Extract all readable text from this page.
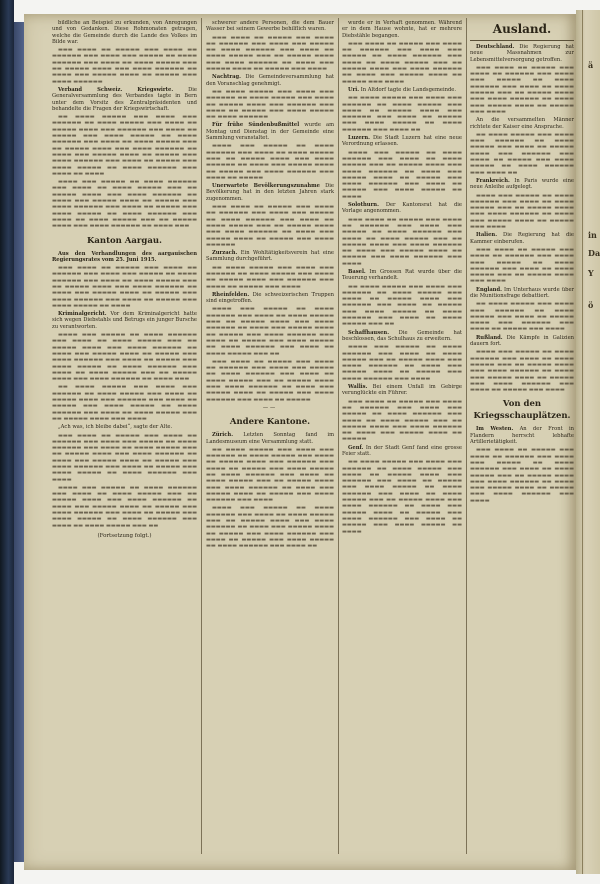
ä
in
Da
Y
ö

bildliche an Beispiel zu erkunden, von Anregungen und von Gedanken. Diese Rohmonaten getragen, welche die Gemeinde durch die Lande des Volkes im Bilde war.

▬▬▬ ▬▬▬▬ ▬▬ ▬▬▬▬▬ ▬▬▬ ▬▬▬▬ ▬▬ ▬▬▬▬▬▬ ▬▬▬ ▬▬▬▬ ▬▬▬ ▬▬▬▬▬ ▬▬ ▬▬▬▬ ▬▬▬▬▬▬ ▬▬▬ ▬▬▬▬ ▬▬ ▬▬▬▬ ▬▬▬▬▬ ▬▬▬ ▬▬ ▬▬▬▬▬ ▬▬▬▬ ▬▬▬ ▬▬▬▬ ▬▬▬▬▬▬ ▬▬ ▬▬▬▬ ▬▬▬ ▬▬▬▬▬ ▬▬▬▬ ▬▬ ▬▬▬▬▬ ▬▬▬ ▬▬▬▬ ▬▬▬▬▬▬

Verband Schweiz. Kriegswirte.	Die Generalversammlung des Verbandes tagte in Bern unter dem Vorsitz des Zentralpräsidenten und behandelte die Fragen der Kriegswirtschaft.

▬▬ ▬▬▬▬ ▬▬▬▬▬ ▬▬▬ ▬▬▬▬ ▬▬▬ ▬▬▬▬▬▬ ▬▬ ▬▬▬▬ ▬▬▬▬▬ ▬▬▬ ▬▬▬▬ ▬▬ ▬▬▬▬▬ ▬▬▬▬ ▬▬▬ ▬▬▬▬▬▬ ▬▬▬ ▬▬▬▬ ▬▬ ▬▬▬▬▬ ▬▬▬ ▬▬▬▬ ▬▬▬▬▬ ▬▬ ▬▬▬▬ ▬▬▬▬▬▬ ▬▬▬ ▬▬▬▬ ▬▬ ▬▬▬▬ ▬▬▬▬▬ ▬▬▬ ▬▬ ▬▬▬▬▬ ▬▬▬▬ ▬▬▬ ▬▬▬▬ ▬▬▬▬▬▬ ▬▬ ▬▬▬▬ ▬▬▬ ▬▬▬▬▬ ▬▬▬▬ ▬▬ ▬▬▬▬▬ ▬▬▬ ▬▬▬▬ ▬▬▬▬▬▬ ▬▬▬ ▬▬▬▬ ▬▬ ▬▬▬▬▬ ▬▬▬ ▬▬▬▬ ▬▬▬▬▬ ▬▬ ▬▬▬▬ ▬▬▬▬▬▬ ▬▬▬ ▬▬▬▬ ▬▬ ▬▬▬▬

▬▬▬▬ ▬▬▬ ▬▬▬▬▬ ▬▬ ▬▬▬▬ ▬▬▬▬▬▬ ▬▬▬ ▬▬▬▬ ▬▬ ▬▬▬▬ ▬▬▬▬▬ ▬▬▬ ▬▬ ▬▬▬▬▬ ▬▬▬▬ ▬▬▬ ▬▬▬▬ ▬▬▬▬▬▬ ▬▬ ▬▬▬▬ ▬▬▬ ▬▬▬▬▬ ▬▬▬▬ ▬▬ ▬▬▬▬▬ ▬▬▬ ▬▬▬▬ ▬▬▬▬▬▬ ▬▬▬ ▬▬▬▬ ▬▬ ▬▬▬▬▬ ▬▬▬ ▬▬▬▬ ▬▬▬▬▬ ▬▬ ▬▬▬▬ ▬▬▬▬▬▬ ▬▬▬ ▬▬▬▬ ▬▬ ▬▬▬▬ ▬▬▬▬▬ ▬▬▬ ▬▬ ▬▬▬▬▬ ▬▬▬▬ ▬▬▬ ▬▬▬▬ ▬▬▬▬▬▬ ▬▬ ▬▬▬▬ ▬▬▬

Kanton Aargau.

Aus den Verhandlungen des aargauischen Regierungsrates vom 25. Juni 1915.

▬▬▬ ▬▬▬▬ ▬▬ ▬▬▬▬▬ ▬▬▬ ▬▬▬▬ ▬▬ ▬▬▬▬▬▬ ▬▬▬ ▬▬▬▬ ▬▬▬ ▬▬▬▬▬ ▬▬ ▬▬▬▬ ▬▬▬▬▬▬ ▬▬▬ ▬▬▬▬ ▬▬ ▬▬▬▬ ▬▬▬▬▬ ▬▬▬ ▬▬ ▬▬▬▬▬ ▬▬▬▬ ▬▬▬ ▬▬▬▬ ▬▬▬▬▬▬ ▬▬ ▬▬▬▬ ▬▬▬ ▬▬▬▬▬ ▬▬▬▬ ▬▬ ▬▬▬▬▬ ▬▬▬ ▬▬▬▬ ▬▬▬▬▬▬ ▬▬▬ ▬▬▬▬ ▬▬ ▬▬▬▬▬ ▬▬▬ ▬▬▬▬ ▬▬▬▬▬ ▬▬ ▬▬▬▬

Kriminalgericht. Vor dem Kriminalgericht hatte sich wegen Diebstahls und Betrugs ein junger Bursche zu verantworten.

▬▬▬▬ ▬▬▬ ▬▬▬▬▬ ▬▬ ▬▬▬▬ ▬▬▬▬▬▬ ▬▬▬ ▬▬▬▬ ▬▬ ▬▬▬▬ ▬▬▬▬▬ ▬▬▬ ▬▬ ▬▬▬▬▬ ▬▬▬▬ ▬▬▬ ▬▬▬▬ ▬▬▬▬▬▬ ▬▬ ▬▬▬▬ ▬▬▬ ▬▬▬▬▬ ▬▬▬▬ ▬▬ ▬▬▬▬▬ ▬▬▬ ▬▬▬▬ ▬▬▬▬▬▬ ▬▬▬ ▬▬▬▬ ▬▬ ▬▬▬▬▬ ▬▬▬ ▬▬▬▬ ▬▬▬▬▬ ▬▬ ▬▬▬▬ ▬▬▬▬▬▬ ▬▬▬ ▬▬▬▬ ▬▬ ▬▬▬▬ ▬▬▬▬▬ ▬▬▬ ▬▬ ▬▬▬▬▬ ▬▬▬▬ ▬▬▬ ▬▬▬▬ ▬▬▬▬▬▬ ▬▬ ▬▬▬▬ ▬▬▬

▬▬ ▬▬▬▬ ▬▬▬▬▬ ▬▬▬ ▬▬▬▬ ▬▬▬ ▬▬▬▬▬▬ ▬▬ ▬▬▬▬ ▬▬▬▬▬ ▬▬▬ ▬▬▬▬ ▬▬ ▬▬▬▬▬ ▬▬▬▬ ▬▬▬ ▬▬▬▬▬▬ ▬▬▬ ▬▬▬▬ ▬▬ ▬▬▬▬▬ ▬▬▬ ▬▬▬▬ ▬▬▬▬▬ ▬▬ ▬▬▬▬ ▬▬▬▬▬▬ ▬▬▬ ▬▬▬▬ ▬▬ ▬▬▬▬ ▬▬▬▬▬ ▬▬▬ ▬▬ ▬▬▬▬▬ ▬▬▬▬ ▬▬▬ ▬▬▬▬

„Ach was, ich bleibe dabei“, sagte der Alte.

▬▬▬ ▬▬▬▬ ▬▬ ▬▬▬▬▬ ▬▬▬ ▬▬▬▬ ▬▬ ▬▬▬▬▬▬ ▬▬▬ ▬▬▬▬ ▬▬▬ ▬▬▬▬▬ ▬▬ ▬▬▬▬ ▬▬▬▬▬▬ ▬▬▬ ▬▬▬▬ ▬▬ ▬▬▬▬ ▬▬▬▬▬ ▬▬▬ ▬▬ ▬▬▬▬▬ ▬▬▬▬ ▬▬▬ ▬▬▬▬ ▬▬▬▬▬▬ ▬▬ ▬▬▬▬ ▬▬▬ ▬▬▬▬▬ ▬▬▬▬ ▬▬ ▬▬▬▬▬ ▬▬▬ ▬▬▬▬ ▬▬▬▬▬▬ ▬▬▬ ▬▬▬▬ ▬▬ ▬▬▬▬▬ ▬▬▬ ▬▬▬▬ ▬▬▬▬▬ ▬▬ ▬▬▬▬ ▬▬▬▬▬▬ ▬▬▬ ▬▬▬▬

▬▬▬▬ ▬▬▬ ▬▬▬▬▬ ▬▬ ▬▬▬▬ ▬▬▬▬▬▬ ▬▬▬ ▬▬▬▬ ▬▬ ▬▬▬▬ ▬▬▬▬▬ ▬▬▬ ▬▬ ▬▬▬▬▬ ▬▬▬▬ ▬▬▬ ▬▬▬▬ ▬▬▬▬▬▬ ▬▬ ▬▬▬▬ ▬▬▬ ▬▬▬▬▬ ▬▬▬▬ ▬▬ ▬▬▬▬▬ ▬▬▬ ▬▬▬▬ ▬▬▬▬▬▬ ▬▬▬ ▬▬▬▬ ▬▬ ▬▬▬▬▬ ▬▬▬ ▬▬▬▬ ▬▬▬▬▬ ▬▬ ▬▬▬▬ ▬▬▬▬▬▬ ▬▬▬ ▬▬▬▬ ▬▬ ▬▬▬▬ ▬▬▬▬▬ ▬▬▬ ▬▬

(Fortsetzung folgt.)

schwerer andere Personen, die dem Bauer Wasser bei seinem Gewerbe behilflich waren.

▬▬▬ ▬▬▬▬ ▬▬ ▬▬▬▬▬ ▬▬▬ ▬▬▬▬ ▬▬ ▬▬▬▬▬▬ ▬▬▬ ▬▬▬▬ ▬▬▬ ▬▬▬▬▬ ▬▬ ▬▬▬▬ ▬▬▬▬▬▬ ▬▬▬ ▬▬▬▬ ▬▬ ▬▬▬▬ ▬▬▬▬▬ ▬▬▬ ▬▬ ▬▬▬▬▬ ▬▬▬▬ ▬▬▬ ▬▬▬▬ ▬▬▬▬▬▬ ▬▬ ▬▬▬▬ ▬▬▬ ▬▬▬▬▬ ▬▬▬▬ ▬▬ ▬▬▬▬▬ ▬▬▬ ▬▬▬▬

Nachtrag. Die Gemeindeversammlung hat den Voranschlag genehmigt.

▬▬ ▬▬▬▬ ▬▬▬▬▬ ▬▬▬ ▬▬▬▬ ▬▬▬ ▬▬▬▬▬▬ ▬▬ ▬▬▬▬ ▬▬▬▬▬ ▬▬▬ ▬▬▬▬ ▬▬ ▬▬▬▬▬ ▬▬▬▬ ▬▬▬ ▬▬▬▬▬▬ ▬▬▬ ▬▬▬▬ ▬▬ ▬▬▬▬▬ ▬▬▬ ▬▬▬▬ ▬▬▬▬▬ ▬▬ ▬▬▬▬ ▬▬▬▬▬▬

Für frühe Sündenbußmittel wurde am Montag und Dienstag in der Gemeinde eine Sammlung veranstaltet.

▬▬▬▬ ▬▬▬ ▬▬▬▬▬ ▬▬ ▬▬▬▬ ▬▬▬▬▬▬ ▬▬▬ ▬▬▬▬ ▬▬ ▬▬▬▬ ▬▬▬▬▬ ▬▬▬ ▬▬ ▬▬▬▬▬ ▬▬▬▬ ▬▬▬ ▬▬▬▬ ▬▬▬▬▬▬ ▬▬ ▬▬▬▬ ▬▬▬ ▬▬▬▬▬ ▬▬▬▬ ▬▬ ▬▬▬▬▬ ▬▬▬ ▬▬▬▬ ▬▬▬▬▬▬ ▬▬▬ ▬▬▬▬ ▬▬ ▬▬▬▬▬

Unerwartete Bevölkerungszunahme Die Bevölkerung hat in den letzten Jahren stark zugenommen.

▬▬▬ ▬▬▬▬ ▬▬ ▬▬▬▬▬ ▬▬▬ ▬▬▬▬ ▬▬ ▬▬▬▬▬▬ ▬▬▬ ▬▬▬▬ ▬▬▬ ▬▬▬▬▬ ▬▬ ▬▬▬▬ ▬▬▬▬▬▬ ▬▬▬ ▬▬▬▬ ▬▬ ▬▬▬▬ ▬▬▬▬▬ ▬▬▬ ▬▬ ▬▬▬▬▬ ▬▬▬▬ ▬▬▬ ▬▬▬▬ ▬▬▬▬▬▬ ▬▬ ▬▬▬▬ ▬▬▬ ▬▬▬▬▬ ▬▬▬▬ ▬▬ ▬▬▬▬▬ ▬▬▬ ▬▬▬▬ ▬▬▬▬▬▬

Zurzach. Ein Wohltätigkeitsverein hat eine Sammlung durchgeführt.

▬▬ ▬▬▬▬ ▬▬▬▬▬ ▬▬▬ ▬▬▬▬ ▬▬▬ ▬▬▬▬▬▬ ▬▬ ▬▬▬▬ ▬▬▬▬▬ ▬▬▬ ▬▬▬▬ ▬▬ ▬▬▬▬▬ ▬▬▬▬ ▬▬▬ ▬▬▬▬▬▬ ▬▬▬ ▬▬▬▬ ▬▬ ▬▬▬▬▬ ▬▬▬ ▬▬▬▬

Rheinfelden. Die schweizerischen Truppen sind eingetroffen.

▬▬▬▬ ▬▬▬ ▬▬▬▬▬ ▬▬ ▬▬▬▬ ▬▬▬▬▬▬ ▬▬▬ ▬▬▬▬ ▬▬ ▬▬▬▬ ▬▬▬▬▬ ▬▬▬ ▬▬ ▬▬▬▬▬ ▬▬▬▬ ▬▬▬ ▬▬▬▬ ▬▬▬▬▬▬ ▬▬ ▬▬▬▬ ▬▬▬ ▬▬▬▬▬ ▬▬▬▬ ▬▬ ▬▬▬▬▬ ▬▬▬ ▬▬▬▬ ▬▬▬▬▬▬ ▬▬▬ ▬▬▬▬ ▬▬ ▬▬▬▬▬ ▬▬▬ ▬▬▬▬ ▬▬▬▬▬ ▬▬ ▬▬▬▬ ▬▬▬▬▬▬ ▬▬▬ ▬▬▬▬ ▬▬ ▬▬▬▬ ▬▬▬▬▬ ▬▬▬ ▬▬

▬▬▬ ▬▬▬▬ ▬▬ ▬▬▬▬▬ ▬▬▬ ▬▬▬▬ ▬▬ ▬▬▬▬▬▬ ▬▬▬ ▬▬▬▬ ▬▬▬ ▬▬▬▬▬ ▬▬ ▬▬▬▬ ▬▬▬▬▬▬ ▬▬▬ ▬▬▬▬ ▬▬ ▬▬▬▬ ▬▬▬▬▬ ▬▬▬ ▬▬ ▬▬▬▬▬ ▬▬▬▬ ▬▬▬ ▬▬▬▬ ▬▬▬▬▬▬ ▬▬ ▬▬▬▬ ▬▬▬ ▬▬▬▬▬ ▬▬▬▬ ▬▬ ▬▬▬▬▬ ▬▬▬ ▬▬▬▬ ▬▬▬▬▬▬ ▬▬▬ ▬▬▬▬ ▬▬ ▬▬▬▬▬

——
Andere Kantone.

Zürich. Letzten Sonntag fand im Landesmuseum eine Versammlung statt.

▬▬ ▬▬▬▬ ▬▬▬▬▬ ▬▬▬ ▬▬▬▬ ▬▬▬ ▬▬▬▬▬▬ ▬▬ ▬▬▬▬ ▬▬▬▬▬ ▬▬▬ ▬▬▬▬ ▬▬ ▬▬▬▬▬ ▬▬▬▬ ▬▬▬ ▬▬▬▬▬▬ ▬▬▬ ▬▬▬▬ ▬▬ ▬▬▬▬▬ ▬▬▬ ▬▬▬▬ ▬▬▬▬▬ ▬▬ ▬▬▬▬ ▬▬▬▬▬▬ ▬▬▬ ▬▬▬▬ ▬▬ ▬▬▬▬ ▬▬▬▬▬ ▬▬▬ ▬▬ ▬▬▬▬▬ ▬▬▬▬ ▬▬▬ ▬▬▬▬ ▬▬▬▬▬▬ ▬▬ ▬▬▬▬ ▬▬▬ ▬▬▬▬▬ ▬▬▬▬ ▬▬ ▬▬▬▬▬ ▬▬▬ ▬▬▬▬ ▬▬▬▬▬▬ ▬▬▬ ▬▬▬▬

▬▬▬▬ ▬▬▬ ▬▬▬▬▬ ▬▬ ▬▬▬▬ ▬▬▬▬▬▬ ▬▬▬ ▬▬▬▬ ▬▬ ▬▬▬▬ ▬▬▬▬▬ ▬▬▬ ▬▬ ▬▬▬▬▬ ▬▬▬▬ ▬▬▬ ▬▬▬▬ ▬▬▬▬▬▬ ▬▬ ▬▬▬▬ ▬▬▬ ▬▬▬▬▬ ▬▬▬▬ ▬▬ ▬▬▬▬▬ ▬▬▬ ▬▬▬▬ ▬▬▬▬▬▬ ▬▬▬ ▬▬▬▬ ▬▬ ▬▬▬▬▬ ▬▬▬ ▬▬▬▬ ▬▬▬▬▬ ▬▬ ▬▬▬▬ ▬▬▬▬▬▬ ▬▬▬ ▬▬▬▬ ▬▬

wurde er in Verhaft genommen. Während er in dem Hause wohnte, hat er mehrere Diebstähle begangen.

▬▬▬ ▬▬▬▬ ▬▬ ▬▬▬▬▬ ▬▬▬ ▬▬▬▬ ▬▬ ▬▬▬▬▬▬ ▬▬▬ ▬▬▬▬ ▬▬▬ ▬▬▬▬▬ ▬▬ ▬▬▬▬ ▬▬▬▬▬▬ ▬▬▬ ▬▬▬▬ ▬▬ ▬▬▬▬ ▬▬▬▬▬ ▬▬▬ ▬▬ ▬▬▬▬▬ ▬▬▬▬ ▬▬▬ ▬▬▬▬ ▬▬▬▬▬▬ ▬▬ ▬▬▬▬ ▬▬▬ ▬▬▬▬▬ ▬▬▬▬ ▬▬ ▬▬▬▬▬ ▬▬▬ ▬▬▬▬

Uri. In Altdorf tagte die Landsgemeinde.

▬▬ ▬▬▬▬ ▬▬▬▬▬ ▬▬▬ ▬▬▬▬ ▬▬▬ ▬▬▬▬▬▬ ▬▬ ▬▬▬▬ ▬▬▬▬▬ ▬▬▬ ▬▬▬▬ ▬▬ ▬▬▬▬▬ ▬▬▬▬ ▬▬▬ ▬▬▬▬▬▬ ▬▬▬ ▬▬▬▬ ▬▬ ▬▬▬▬▬ ▬▬▬ ▬▬▬▬ ▬▬▬▬▬ ▬▬ ▬▬▬▬ ▬▬▬▬▬▬ ▬▬▬ ▬▬▬▬ ▬▬

Luzern. Die Stadt Luzern hat eine neue Verordnung erlassen.

▬▬▬▬ ▬▬▬ ▬▬▬▬▬ ▬▬ ▬▬▬▬ ▬▬▬▬▬▬ ▬▬▬ ▬▬▬▬ ▬▬ ▬▬▬▬ ▬▬▬▬▬ ▬▬▬ ▬▬ ▬▬▬▬▬ ▬▬▬▬ ▬▬▬ ▬▬▬▬ ▬▬▬▬▬▬ ▬▬ ▬▬▬▬ ▬▬▬ ▬▬▬▬▬ ▬▬▬▬ ▬▬ ▬▬▬▬▬ ▬▬▬ ▬▬▬▬ ▬▬▬▬▬▬ ▬▬▬ ▬▬▬▬ ▬▬ ▬▬▬▬▬ ▬▬▬ ▬▬▬▬ ▬▬▬▬▬ ▬▬ ▬▬▬▬

Solothurn. Der Kantonsrat hat die Vorlage angenommen.

▬▬▬ ▬▬▬▬ ▬▬ ▬▬▬▬▬ ▬▬▬ ▬▬▬▬ ▬▬ ▬▬▬▬▬▬ ▬▬▬ ▬▬▬▬ ▬▬▬ ▬▬▬▬▬ ▬▬ ▬▬▬▬ ▬▬▬▬▬▬ ▬▬▬ ▬▬▬▬ ▬▬ ▬▬▬▬ ▬▬▬▬▬ ▬▬▬ ▬▬ ▬▬▬▬▬ ▬▬▬▬ ▬▬▬ ▬▬▬▬ ▬▬▬▬▬▬ ▬▬ ▬▬▬▬ ▬▬▬ ▬▬▬▬▬ ▬▬▬▬ ▬▬ ▬▬▬▬▬ ▬▬▬ ▬▬▬▬ ▬▬▬▬▬▬ ▬▬▬ ▬▬▬▬

Basel. Im Grossen Rat wurde über die Teuerung verhandelt.

▬▬ ▬▬▬▬ ▬▬▬▬▬ ▬▬▬ ▬▬▬▬ ▬▬▬ ▬▬▬▬▬▬ ▬▬ ▬▬▬▬ ▬▬▬▬▬ ▬▬▬ ▬▬▬▬ ▬▬ ▬▬▬▬▬ ▬▬▬▬ ▬▬▬ ▬▬▬▬▬▬ ▬▬▬ ▬▬▬▬ ▬▬ ▬▬▬▬▬ ▬▬▬ ▬▬▬▬ ▬▬▬▬▬ ▬▬ ▬▬▬▬ ▬▬▬▬▬▬ ▬▬▬ ▬▬▬▬ ▬▬ ▬▬▬▬ ▬▬▬▬▬ ▬▬▬ ▬▬

Schaffhausen. Die Gemeinde hat beschlossen, das Schulhaus zu erweitern.

▬▬▬▬ ▬▬▬ ▬▬▬▬▬ ▬▬ ▬▬▬▬ ▬▬▬▬▬▬ ▬▬▬ ▬▬▬▬ ▬▬ ▬▬▬▬ ▬▬▬▬▬ ▬▬▬ ▬▬ ▬▬▬▬▬ ▬▬▬▬ ▬▬▬ ▬▬▬▬ ▬▬▬▬▬▬ ▬▬ ▬▬▬▬ ▬▬▬ ▬▬▬▬▬ ▬▬▬▬ ▬▬ ▬▬▬▬▬ ▬▬▬ ▬▬▬▬ ▬▬▬▬▬▬ ▬▬▬ ▬▬▬▬

Wallis. Bei einem Unfall im Gebirge verunglückte ein Führer.

▬▬▬ ▬▬▬▬ ▬▬ ▬▬▬▬▬ ▬▬▬ ▬▬▬▬ ▬▬ ▬▬▬▬▬▬ ▬▬▬ ▬▬▬▬ ▬▬▬ ▬▬▬▬▬ ▬▬ ▬▬▬▬ ▬▬▬▬▬▬ ▬▬▬ ▬▬▬▬ ▬▬ ▬▬▬▬ ▬▬▬▬▬ ▬▬▬ ▬▬ ▬▬▬▬▬ ▬▬▬▬ ▬▬▬ ▬▬▬▬ ▬▬▬▬▬▬ ▬▬ ▬▬▬▬ ▬▬▬ ▬▬▬▬▬ ▬▬▬▬ ▬▬ ▬▬▬▬▬

Genf. In der Stadt Genf fand eine grosse Feier statt.

▬▬ ▬▬▬▬ ▬▬▬▬▬ ▬▬▬ ▬▬▬▬ ▬▬▬ ▬▬▬▬▬▬ ▬▬ ▬▬▬▬ ▬▬▬▬▬ ▬▬▬ ▬▬▬▬ ▬▬ ▬▬▬▬▬ ▬▬▬▬ ▬▬▬ ▬▬▬▬▬▬ ▬▬▬ ▬▬▬▬ ▬▬ ▬▬▬▬▬ ▬▬▬ ▬▬▬▬ ▬▬▬▬▬ ▬▬ ▬▬▬▬ ▬▬▬▬▬▬ ▬▬▬ ▬▬▬▬ ▬▬ ▬▬▬▬ ▬▬▬▬▬ ▬▬▬ ▬▬ ▬▬▬▬▬ ▬▬▬▬ ▬▬▬ ▬▬▬▬ ▬▬▬▬▬▬ ▬▬ ▬▬▬▬ ▬▬▬ ▬▬▬▬▬ ▬▬▬▬ ▬▬ ▬▬▬▬▬ ▬▬▬ ▬▬▬▬ ▬▬▬▬▬▬ ▬▬▬ ▬▬▬▬ ▬▬ ▬▬▬▬▬ ▬▬▬ ▬▬▬▬ ▬▬▬▬▬ ▬▬ ▬▬▬▬

Ausland.

Deutschland. Die Regierung hat neue Massnahmen zur Lebensmittelversorgung getroffen.

▬▬▬ ▬▬▬▬ ▬▬ ▬▬▬▬▬ ▬▬▬ ▬▬▬▬ ▬▬ ▬▬▬▬▬▬ ▬▬▬ ▬▬▬▬ ▬▬▬ ▬▬▬▬▬ ▬▬ ▬▬▬▬ ▬▬▬▬▬▬ ▬▬▬ ▬▬▬▬ ▬▬ ▬▬▬▬ ▬▬▬▬▬ ▬▬▬ ▬▬ ▬▬▬▬▬ ▬▬▬▬ ▬▬▬ ▬▬▬▬ ▬▬▬▬▬▬ ▬▬ ▬▬▬▬ ▬▬▬ ▬▬▬▬▬ ▬▬▬▬ ▬▬ ▬▬▬▬▬ ▬▬▬ ▬▬▬▬

An die versammelten Männer richtete der Kaiser eine Ansprache.

▬▬ ▬▬▬▬ ▬▬▬▬▬ ▬▬▬ ▬▬▬▬ ▬▬▬ ▬▬▬▬▬▬ ▬▬ ▬▬▬▬ ▬▬▬▬▬ ▬▬▬ ▬▬▬▬ ▬▬ ▬▬▬▬▬ ▬▬▬▬ ▬▬▬ ▬▬▬▬▬▬ ▬▬▬ ▬▬▬▬ ▬▬ ▬▬▬▬▬ ▬▬▬ ▬▬▬▬ ▬▬▬▬▬ ▬▬ ▬▬▬▬ ▬▬▬▬▬▬ ▬▬▬ ▬▬▬▬ ▬▬

Frankreich. In Paris wurde eine neue Anleihe aufgelegt.

▬▬▬▬ ▬▬▬ ▬▬▬▬▬ ▬▬ ▬▬▬▬ ▬▬▬▬▬▬ ▬▬▬ ▬▬▬▬ ▬▬ ▬▬▬▬ ▬▬▬▬▬ ▬▬▬ ▬▬ ▬▬▬▬▬ ▬▬▬▬ ▬▬▬ ▬▬▬▬ ▬▬▬▬▬▬ ▬▬ ▬▬▬▬ ▬▬▬ ▬▬▬▬▬ ▬▬▬▬ ▬▬ ▬▬▬▬▬ ▬▬▬ ▬▬▬▬

Italien. Die Regierung hat die Kammer einberufen.

▬▬▬ ▬▬▬▬ ▬▬ ▬▬▬▬▬ ▬▬▬ ▬▬▬▬ ▬▬ ▬▬▬▬▬▬ ▬▬▬ ▬▬▬▬ ▬▬▬ ▬▬▬▬▬ ▬▬ ▬▬▬▬ ▬▬▬▬▬▬ ▬▬▬ ▬▬▬▬ ▬▬ ▬▬▬▬ ▬▬▬▬▬ ▬▬▬ ▬▬ ▬▬▬▬▬ ▬▬▬▬ ▬▬▬ ▬▬▬▬

England. Im Unterhaus wurde über die Munitionsfrage debattiert.

▬▬ ▬▬▬▬ ▬▬▬▬▬ ▬▬▬ ▬▬▬▬ ▬▬▬ ▬▬▬▬▬▬ ▬▬ ▬▬▬▬ ▬▬▬▬▬ ▬▬▬ ▬▬▬▬ ▬▬ ▬▬▬▬▬ ▬▬▬▬ ▬▬▬ ▬▬▬▬▬▬ ▬▬▬ ▬▬▬▬ ▬▬ ▬▬▬▬▬ ▬▬▬ ▬▬▬▬

Rußland. Die Kämpfe in Galizien dauern fort.

▬▬▬▬ ▬▬▬ ▬▬▬▬▬ ▬▬ ▬▬▬▬ ▬▬▬▬▬▬ ▬▬▬ ▬▬▬▬ ▬▬ ▬▬▬▬ ▬▬▬▬▬ ▬▬▬ ▬▬ ▬▬▬▬▬ ▬▬▬▬ ▬▬▬ ▬▬▬▬ ▬▬▬▬▬▬ ▬▬ ▬▬▬▬ ▬▬▬ ▬▬▬▬▬ ▬▬▬▬ ▬▬ ▬▬▬▬▬ ▬▬▬ ▬▬▬▬ ▬▬▬▬▬▬ ▬▬▬ ▬▬▬▬ ▬▬ ▬▬▬▬▬ ▬▬▬ ▬▬▬▬

Von den Kriegsschauplätzen.

Im Westen. An der Front in Flandern herrscht lebhafte Artillerietätigkeit.

▬▬▬ ▬▬▬▬ ▬▬ ▬▬▬▬▬ ▬▬▬ ▬▬▬▬ ▬▬ ▬▬▬▬▬▬ ▬▬▬ ▬▬▬▬ ▬▬▬ ▬▬▬▬▬ ▬▬ ▬▬▬▬ ▬▬▬▬▬▬ ▬▬▬ ▬▬▬▬ ▬▬ ▬▬▬▬ ▬▬▬▬▬ ▬▬▬ ▬▬ ▬▬▬▬▬ ▬▬▬▬ ▬▬▬ ▬▬▬▬ ▬▬▬▬▬▬ ▬▬ ▬▬▬▬ ▬▬▬ ▬▬▬▬▬ ▬▬▬▬ ▬▬ ▬▬▬▬▬ ▬▬▬ ▬▬▬▬ ▬▬▬▬▬▬ ▬▬▬ ▬▬▬▬
